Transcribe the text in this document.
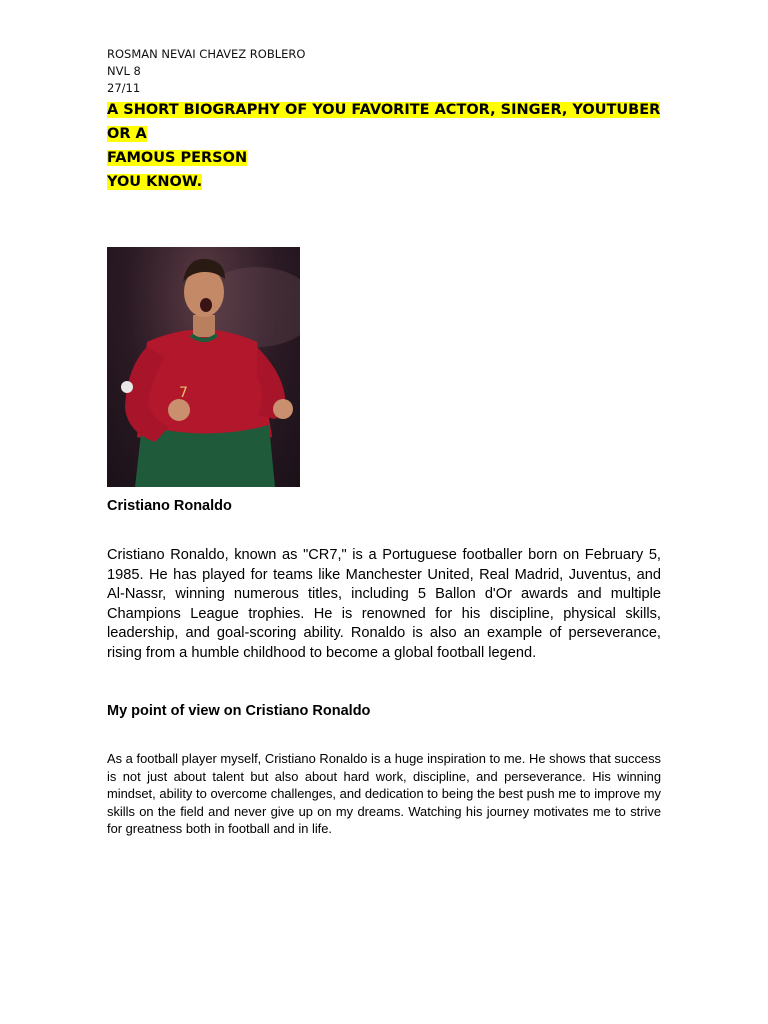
ROSMAN NEVAI CHAVEZ ROBLERO
NVL 8
27/11
A SHORT BIOGRAPHY OF YOU FAVORITE ACTOR, SINGER, YOUTUBER OR A
FAMOUS PERSON
YOU KNOW.
7
Cristiano Ronaldo

Cristiano Ronaldo, known as "CR7," is a Portuguese footballer born on February 5, 1985. He has played for teams like Manchester United, Real Madrid, Juventus, and Al-Nassr, winning numerous titles, including 5 Ballon d'Or awards and multiple Champions League trophies. He is renowned for his discipline, physical skills, leadership, and goal-scoring ability. Ronaldo is also an example of perseverance, rising from a humble childhood to become a global football legend.

My point of view on Cristiano Ronaldo

As a football player myself, Cristiano Ronaldo is a huge inspiration to me. He shows that success is not just about talent but also about hard work, discipline, and perseverance. His winning mindset, ability to overcome challenges, and dedication to being the best push me to improve my skills on the field and never give up on my dreams. Watching his journey motivates me to strive for greatness both in football and in life.
